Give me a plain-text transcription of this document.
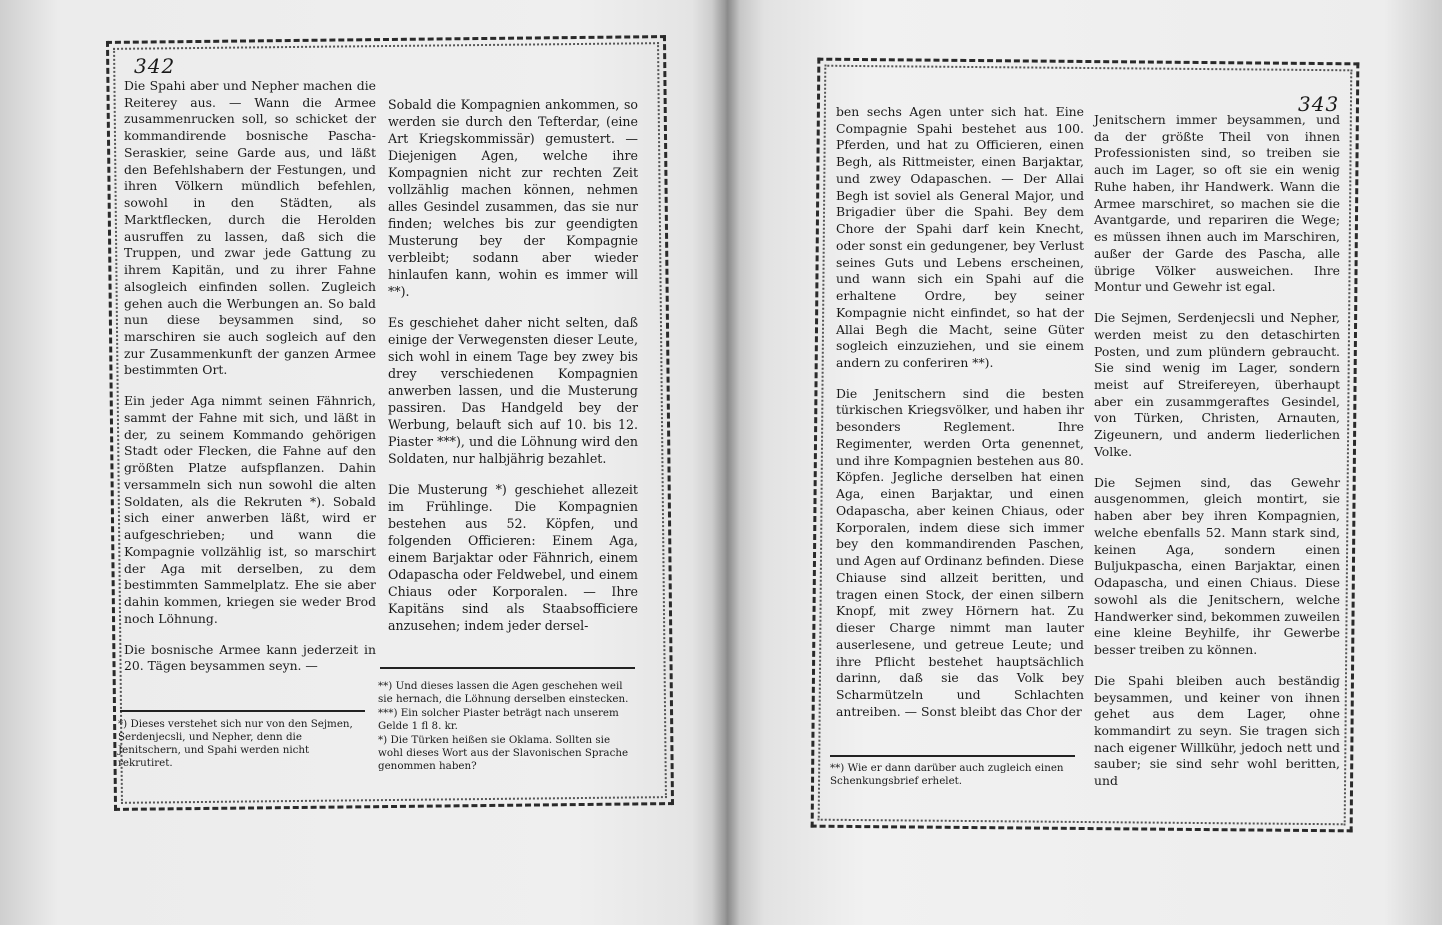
342

Die Spahi aber und Nepher machen die Reiterey aus. — Wann die Armee zusammenrucken soll, so schicket der kommandirende bosnische Pascha-Seraskier, seine Garde aus, und läßt den Befehlshabern der Festungen, und ihren Völkern mündlich befehlen, sowohl in den Städten, als Marktflecken, durch die Herolden ausruffen zu lassen, daß sich die Truppen, und zwar jede Gattung zu ihrem Kapitän, und zu ihrer Fahne alsogleich einfinden sollen. Zugleich gehen auch die Werbungen an. So bald nun diese beysammen sind, so marschiren sie auch sogleich auf den zur Zusammenkunft der ganzen Armee bestimmten Ort.

Ein jeder Aga nimmt seinen Fähnrich, sammt der Fahne mit sich, und läßt in der, zu seinem Kommando gehörigen Stadt oder Flecken, die Fahne auf den größten Platze aufspflanzen. Dahin versammeln sich nun sowohl die alten Soldaten, als die Rekruten *). Sobald sich einer anwerben läßt, wird er aufgeschrieben; und wann die Kompagnie vollzählig ist, so marschirt der Aga mit derselben, zu dem bestimmten Sammelplatz. Ehe sie aber dahin kommen, kriegen sie weder Brod noch Löhnung.

Die bosnische Armee kann jederzeit in 20. Tägen beysammen seyn. —

*) Dieses verstehet sich nur von den Sejmen, Serdenjecsli, und Nepher, denn die Jenitschern, und Spahi werden nicht rekrutiret.

Sobald die Kompagnien ankommen, so werden sie durch den Tefterdar, (eine Art Kriegskommissär) gemustert. — Diejenigen Agen, welche ihre Kompagnien nicht zur rechten Zeit vollzählig machen können, nehmen alles Gesindel zusammen, das sie nur finden; welches bis zur geendigten Musterung bey der Kompagnie verbleibt; sodann aber wieder hinlaufen kann, wohin es immer will **).

Es geschiehet daher nicht selten, daß einige der Verwegensten dieser Leute, sich wohl in einem Tage bey zwey bis drey verschiedenen Kompagnien anwerben lassen, und die Musterung passiren. Das Handgeld bey der Werbung, belauft sich auf 10. bis 12. Piaster ***), und die Löhnung wird den Soldaten, nur halbjährig bezahlet.

Die Musterung *) geschiehet allezeit im Frühlinge. Die Kompagnien bestehen aus 52. Köpfen, und folgenden Officieren: Einem Aga, einem Barjaktar oder Fähnrich, einem Odapascha oder Feldwebel, und einem Chiaus oder Korporalen. — Ihre Kapitäns sind als Staabsofficiere anzusehen; indem jeder dersel-

**) Und dieses lassen die Agen geschehen weil sie hernach, die Löhnung derselben einstecken.

***) Ein solcher Piaster beträgt nach unserem Gelde 1 fl 8. kr.

*) Die Türken heißen sie Oklama. Sollten sie wohl dieses Wort aus der Slavonischen Sprache genommen haben?

343

ben sechs Agen unter sich hat. Eine Compagnie Spahi bestehet aus 100. Pferden, und hat zu Officieren, einen Begh, als Rittmeister, einen Barjaktar, und zwey Odapaschen. — Der Allai Begh ist soviel als General Major, und Brigadier über die Spahi. Bey dem Chore der Spahi darf kein Knecht, oder sonst ein gedungener, bey Verlust seines Guts und Lebens erscheinen, und wann sich ein Spahi auf die erhaltene Ordre, bey seiner Kompagnie nicht einfindet, so hat der Allai Begh die Macht, seine Güter sogleich einzuziehen, und sie einem andern zu conferiren **).

Die Jenitschern sind die besten türkischen Kriegsvölker, und haben ihr besonders Reglement. Ihre Regimenter, werden Orta genennet, und ihre Kompagnien bestehen aus 80. Köpfen. Jegliche derselben hat einen Aga, einen Barjaktar, und einen Odapascha, aber keinen Chiaus, oder Korporalen, indem diese sich immer bey den kommandirenden Paschen, und Agen auf Ordinanz befinden. Diese Chiause sind allzeit beritten, und tragen einen Stock, der einen silbern Knopf, mit zwey Hörnern hat. Zu dieser Charge nimmt man lauter auserlesene, und getreue Leute; und ihre Pflicht bestehet hauptsächlich darinn, daß sie das Volk bey Scharmützeln und Schlachten antreiben. — Sonst bleibt das Chor der

**) Wie er dann darüber auch zugleich einen Schenkungsbrief erhelet.

Jenitschern immer beysammen, und da der größte Theil von ihnen Professionisten sind, so treiben sie auch im Lager, so oft sie ein wenig Ruhe haben, ihr Handwerk. Wann die Armee marschiret, so machen sie die Avantgarde, und repariren die Wege; es müssen ihnen auch im Marschiren, außer der Garde des Pascha, alle übrige Völker ausweichen. Ihre Montur und Gewehr ist egal.

Die Sejmen, Serdenjecsli und Nepher, werden meist zu den detaschirten Posten, und zum plündern gebraucht. Sie sind wenig im Lager, sondern meist auf Streifereyen, überhaupt aber ein zusammgeraftes Gesindel, von Türken, Christen, Arnauten, Zigeunern, und anderm liederlichen Volke.

Die Sejmen sind, das Gewehr ausgenommen, gleich montirt, sie haben aber bey ihren Kompagnien, welche ebenfalls 52. Mann stark sind, keinen Aga, sondern einen Buljukpascha, einen Barjaktar, einen Odapascha, und einen Chiaus. Diese sowohl als die Jenitschern, welche Handwerker sind, bekommen zuweilen eine kleine Beyhilfe, ihr Gewerbe besser treiben zu können.

Die Spahi bleiben auch beständig beysammen, und keiner von ihnen gehet aus dem Lager, ohne kommandirt zu seyn. Sie tragen sich nach eigener Willkühr, jedoch nett und sauber; sie sind sehr wohl beritten, und
